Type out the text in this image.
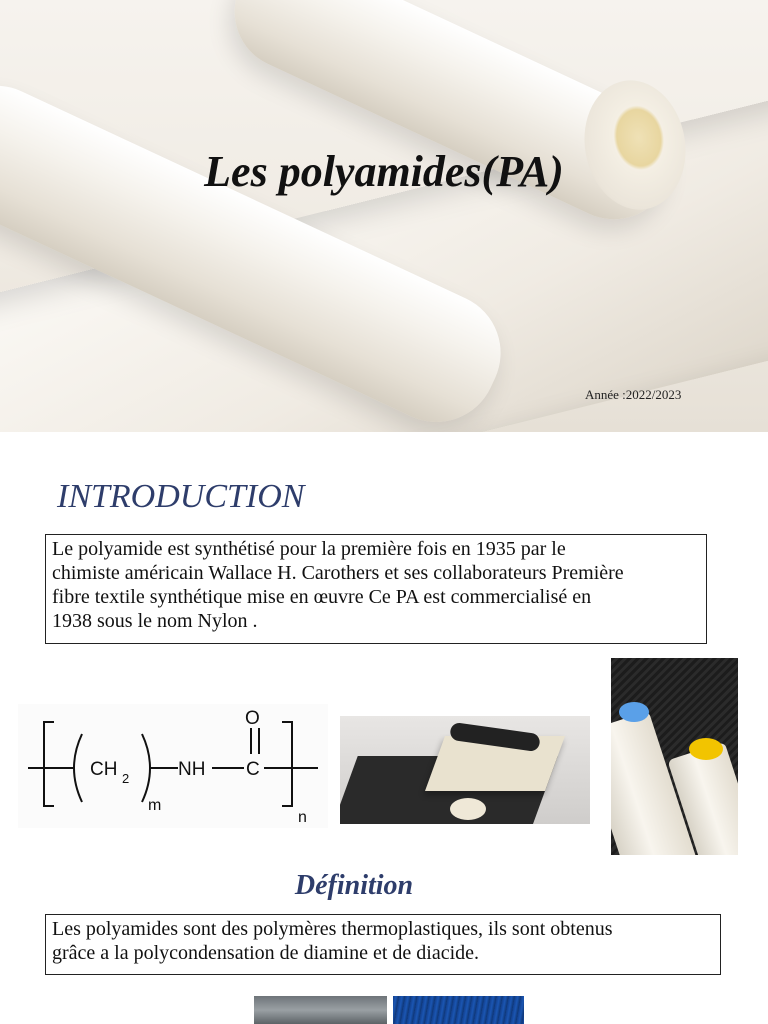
Les polyamides(PA)
Année :2022/2023
INTRODUCTION
Le polyamide est synthétisé pour la première fois en 1935 par le
chimiste américain Wallace H. Carothers et ses collaborateurs Première
fibre textile synthétique mise en œuvre Ce PA est commercialisé en
1938 sous le nom Nylon .
CH 2
m
NH C
O
n
Définition
Les polyamides sont des polymères thermoplastiques, ils sont obtenus
grâce a la polycondensation de diamine et de diacide.
